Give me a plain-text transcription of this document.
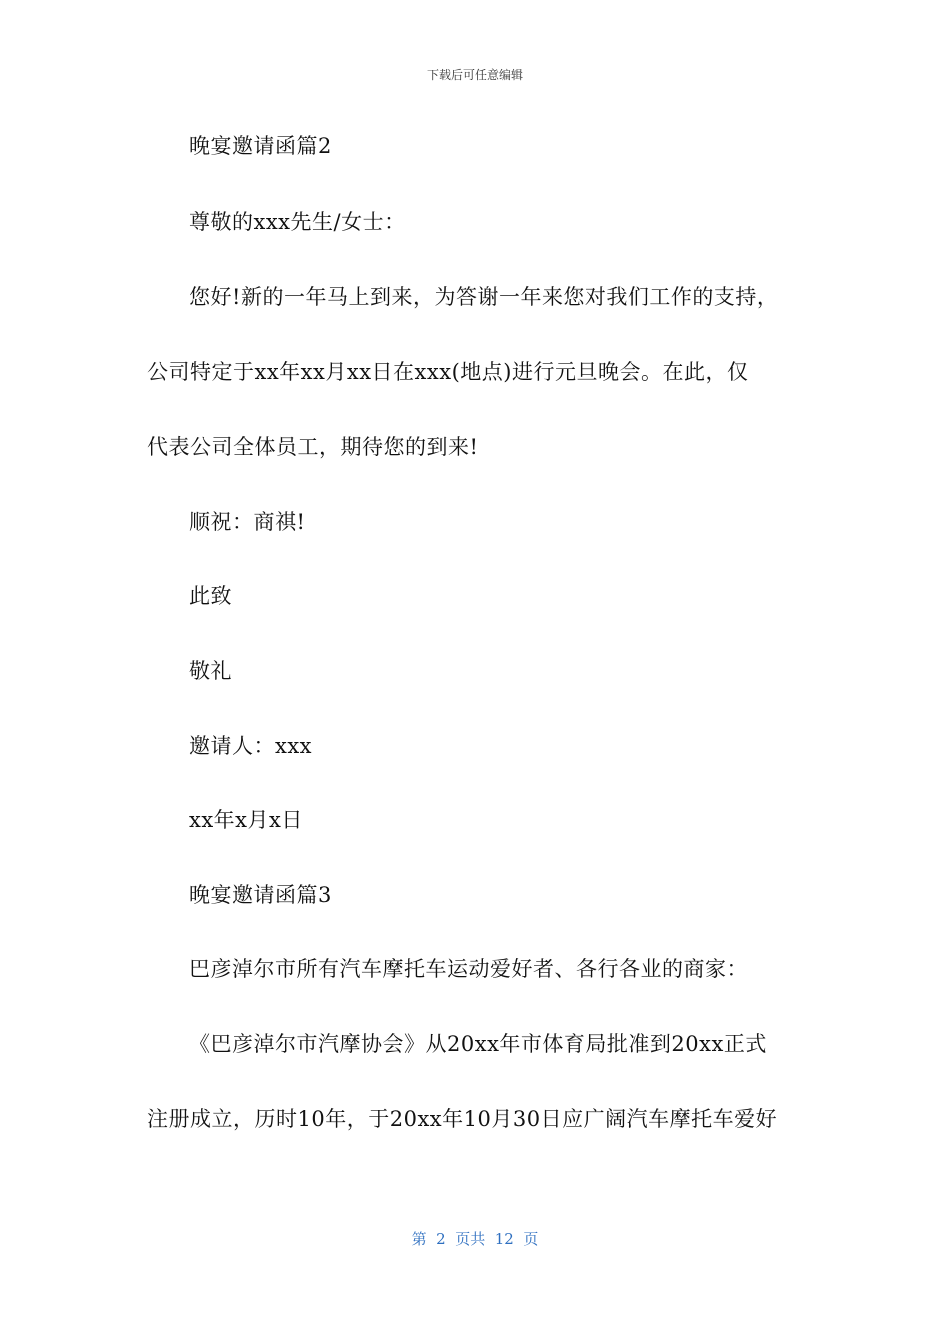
下载后可任意编辑
晚宴邀请函篇2
尊敬的xxx先生/女士：
您好!新的一年马上到来，为答谢一年来您对我们工作的支持，
公司特定于xx年xx月xx日在xxx(地点)进行元旦晚会。在此，仅
代表公司全体员工，期待您的到来!
顺祝：商祺!
此致
敬礼
邀请人：xxx
xx年x月x日
晚宴邀请函篇3
巴彦淖尔市所有汽车摩托车运动爱好者、各行各业的商家：
《巴彦淖尔市汽摩协会》从20xx年市体育局批准到20xx正式
注册成立，历时10年，于20xx年10月30日应广阔汽车摩托车爱好
第  2  页共  12  页
